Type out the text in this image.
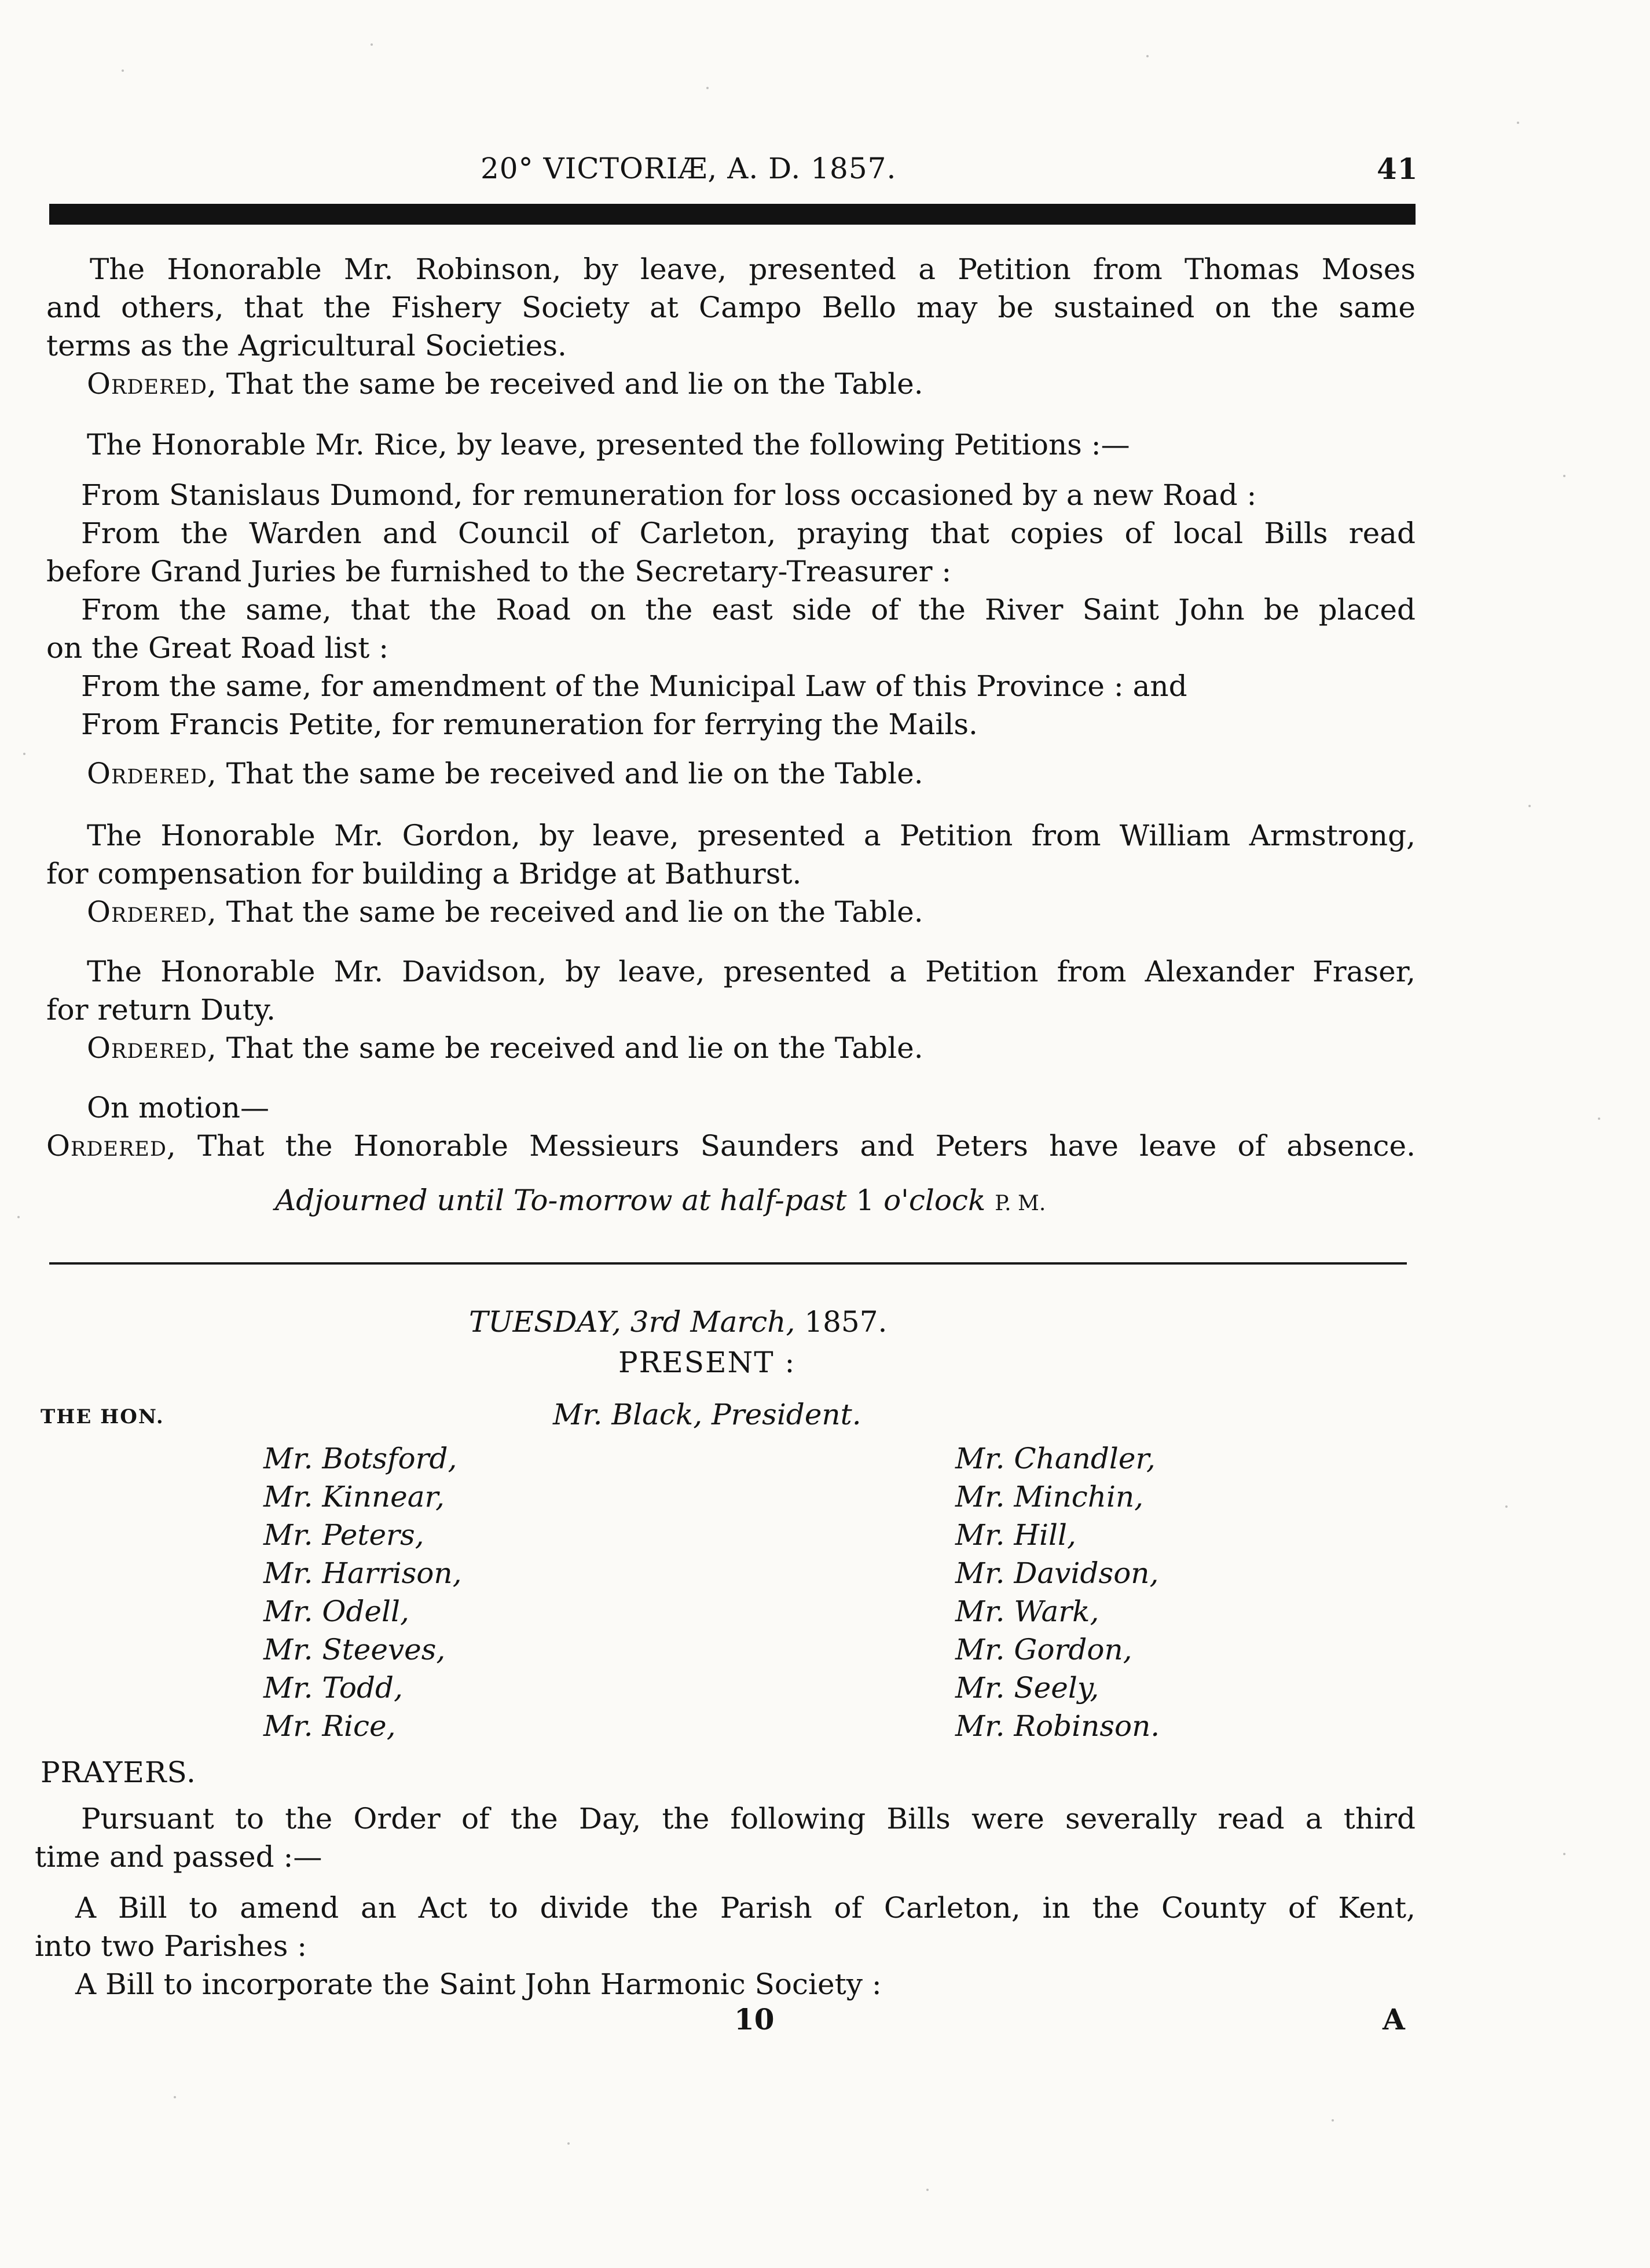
20° VICTORIÆ, A. D. 1857.	41
The Honorable Mr. Robinson, by leave, presented a Petition from Thomas Moses
and others, that the Fishery Society at Campo Bello may be sustained on the same
terms as the Agricultural Societies.
Ordered, That the same be received and lie on the Table.
The Honorable Mr. Rice, by leave, presented the following Petitions :—
From Stanislaus Dumond, for remuneration for loss occasioned by a new Road :
From the Warden and Council of Carleton, praying that copies of local Bills read
before Grand Juries be furnished to the Secretary-Treasurer :
From the same, that the Road on the east side of the River Saint John be placed
on the Great Road list :
From the same, for amendment of the Municipal Law of this Province : and
From Francis Petite, for remuneration for ferrying the Mails.
Ordered, That the same be received and lie on the Table.
The Honorable Mr. Gordon, by leave, presented a Petition from William Armstrong,
for compensation for building a Bridge at Bathurst.
Ordered, That the same be received and lie on the Table.
The Honorable Mr. Davidson, by leave, presented a Petition from Alexander Fraser,
for return Duty.
Ordered, That the same be received and lie on the Table.
On motion—
Ordered, That the Honorable Messieurs Saunders and Peters have leave of absence.
Adjourned until To-morrow at half-past 1 o'clock P. M.
TUESDAY, 3rd March, 1857.
PRESENT :
THE HON.	Mr. Black, President.
Mr. Botsford,
Mr. Kinnear,
Mr. Peters,
Mr. Harrison,
Mr. Odell,
Mr. Steeves,
Mr. Todd,
Mr. Rice,
Mr. Chandler,
Mr. Minchin,
Mr. Hill,
Mr. Davidson,
Mr. Wark,
Mr. Gordon,
Mr. Seely,
Mr. Robinson.
PRAYERS.
Pursuant to the Order of the Day, the following Bills were severally read a third
time and passed :—
A Bill to amend an Act to divide the Parish of Carleton, in the County of Kent,
into two Parishes :
A Bill to incorporate the Saint John Harmonic Society :
10	A
